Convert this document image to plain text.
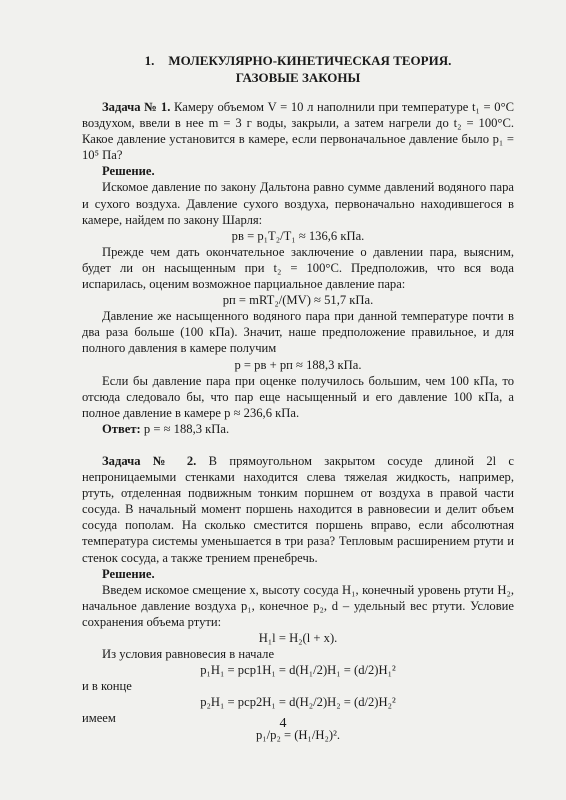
1. МОЛЕКУЛЯРНО-КИНЕТИЧЕСКАЯ ТЕОРИЯ.
ГАЗОВЫЕ ЗАКОНЫ

Задача № 1. Камеру объемом V = 10 л наполнили при температуре t₁ = 0°C воздухом, ввели в нее m = 3 г воды, закрыли, а затем нагрели до t₂ = 100°C. Какое давление установится в камере, если первоначальное давление было p₁ = 10⁵ Па?

Решение.

Искомое давление по закону Дальтона равно сумме давлений водяного пара и сухого воздуха. Давление сухого воздуха, первоначально находившегося в камере, найдем по закону Шарля:

pв = p₁T₂/T₁ ≈ 136,6 кПа.

Прежде чем дать окончательное заключение о давлении пара, выясним, будет ли он насыщенным при t₂ = 100°C. Предположив, что вся вода испарилась, оценим возможное парциальное давление пара:

pп = mRT₂/(MV) ≈ 51,7 кПа.

Давление же насыщенного водяного пара при данной температуре почти в два раза больше (100 кПа). Значит, наше предположение правильное, и для полного давления в камере получим

p = pв + pп ≈ 188,3 кПа.

Если бы давление пара при оценке получилось большим, чем 100 кПа, то отсюда следовало бы, что пар еще насыщенный и его давление 100 кПа, а полное давление в камере p ≈ 236,6 кПа.

Ответ: p = ≈ 188,3 кПа.

Задача № 2. В прямоугольном закрытом сосуде длиной 2l с непроницаемыми стенками находится слева тяжелая жидкость, например, ртуть, отделенная подвижным тонким поршнем от воздуха в правой части сосуда. В начальный момент поршень находится в равновесии и делит объем сосуда пополам. На сколько сместится поршень вправо, если абсолютная температура системы уменьшается в три раза? Тепловым расширением ртути и стенок сосуда, а также трением пренебречь.

Решение.

Введем искомое смещение x, высоту сосуда H₁, конечный уровень ртути H₂, начальное давление воздуха p₁, конечное p₂, d – удельный вес ртути. Условие сохранения объема ртути:

H₁l = H₂(l + x).

Из условия равновесия в начале

p₁H₁ = pср1H₁ = d(H₁/2)H₁ = (d/2)H₁²

и в конце

p₂H₁ = pср2H₁ = d(H₂/2)H₂ = (d/2)H₂²

имеем

p₁/p₂ = (H₁/H₂)².

4
